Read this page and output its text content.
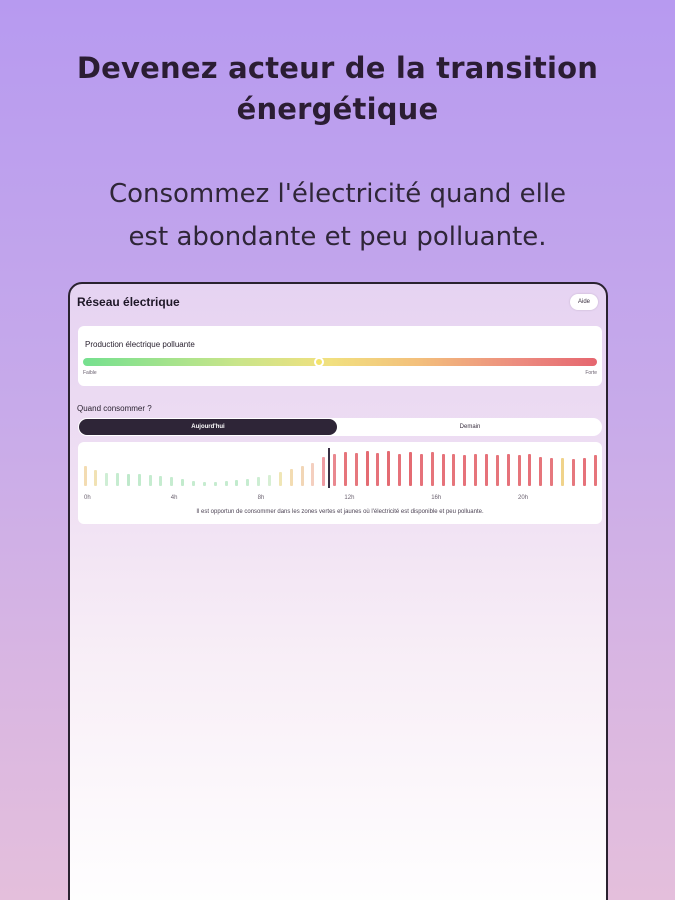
Devenez acteur de la transition
énergétique
Consommez l'électricité quand elle
est abondante et peu polluante.
Réseau électrique	Aide
Production électrique polluante
Faible	Forte
Quand consommer ?
Aujourd'hui	Demain
0h	4h	8h	12h	16h	20h
Il est opportun de consommer dans les zones vertes et jaunes où l'électricité est disponible et peu polluante.
